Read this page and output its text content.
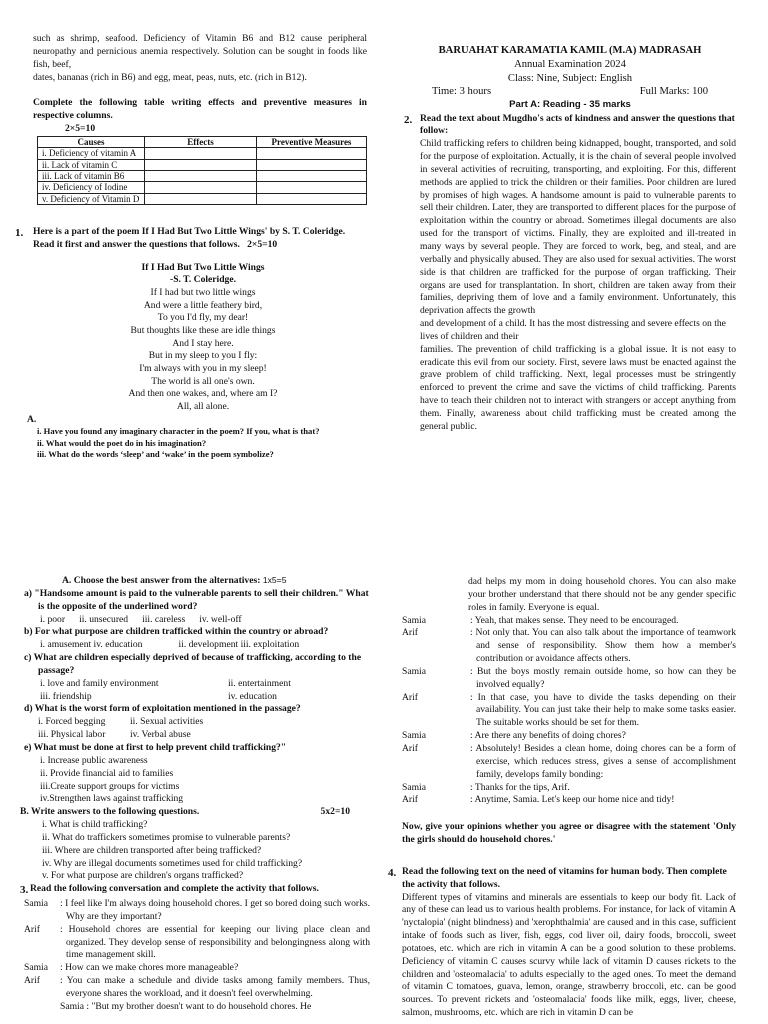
such as shrimp, seafood. Deficiency of Vitamin B6 and B12 cause peripheral neuropathy and pernicious anemia respectively. Solution can be sought in foods like fish, beef,

dates, bananas (rich in B6) and egg, meat, peas, nuts, etc. (rich in B12).

Complete the following table writing effects and preventive measures in respective columns.

2×5=10

Causes	Effects	Preventive Measures
i. Deficiency of vitamin A		
ii. Lack of vitamin C		
iii. Lack of vitamin B6		
iv. Deficiency of Iodine		
v. Deficiency of Vitamin D		
1.	Here is a part of the poem If I Had But Two Little Wings' by S. T. Coleridge. Read it first and answer the questions that follows. 2×5=10

If I Had But Two Little Wings

-S. T. Coleridge.

If I had but two little wings

And were a little feathery bird,

To you I'd fly, my dear!

But thoughts like these are idle things

And I stay here.

But in my sleep to you I fly:

I'm always with you in my sleep!

The world is all one's own.

And then one wakes, and, where am I?

All, all alone.

A.

i. Have you found any imaginary character in the poem? If you, what is that?

ii. What would the poet do in his imagination?

iii. What do the words ‘sleep’ and ‘wake’ in the poem symbolize?

BARUAHAT KARAMATIA KAMIL (M.A) MADRASAH

Annual Examination 2024

Class: Nine, Subject: English

Time: 3 hours	Full Marks: 100

Part A: Reading - 35 marks

2. Read the text about Mugdho's acts of kindness and answer the questions that follow:

Child trafficking refers to children being kidnapped, bought, transported, and sold for the purpose of exploitation. Actually, it is the chain of several people involved in several activities of recruiting, transporting, and exploiting. For this, different methods are applied to trick the children or their families. Poor children are lured by promises of high wages. A handsome amount is paid to vulnerable parents to sell their children. Later, they are transported to different places for the purpose of exploitation within the country or abroad. Sometimes illegal documents are also used for the transport of victims. Finally, they are exploited and ill-treated in many ways by several people. They are forced to work, beg, and steal, and are verbally and physically abused. They are also used for sexual activities. The worst side is that children are trafficked for the purpose of organ trafficking. Their organs are used for transplantation. In short, children are taken away from their families, depriving them of love and a family environment. Unfortunately, this deprivation affects the growth

and development of a child. It has the most distressing and severe effects on the lives of children and their

families. The prevention of child trafficking is a global issue. It is not easy to eradicate this evil from our society. First, severe laws must be enacted against the grave problem of child trafficking. Next, legal processes must be stringently enforced to prevent the crime and save the victims of child trafficking. Parents have to teach their children not to interact with strangers or accept anything from them. Finally, awareness about child trafficking must be created among the general public.

A. Choose the best answer from the alternatives: 1x5=5

a) "Handsome amount is paid to the vulnerable parents to sell their children." What is the opposite of the underlined word?

i. poor ii. unsecured iii. careless iv. well-off

b) For what purpose are children trafficked within the country or abroad?

i. amusement iv. education	ii. development iii. exploitation

c) What are children especially deprived of because of trafficking, according to the passage?

i. love and family environment	ii. entertainment
iii. friendship	iv. education

d) What is the worst form of exploitation mentioned in the passage?

i. Forced begging	ii. Sexual activities
iii. Physical labor	iv. Verbal abuse

e) What must be done at first to help prevent child trafficking?"

i. Increase public awareness

ii. Provide financial aid to families

iii.Create support groups for victims

iv.Strengthen laws against trafficking

B. Write answers to the following questions.	5x2=10

i. What is child trafficking?

ii. What do traffickers sometimes promise to vulnerable parents?

iii. Where are children transported after being trafficked?

iv. Why are illegal documents sometimes used for child trafficking?

v. For what purpose are children's organs trafficked?

3. Read the following conversation and complete the activity that follows.

Samia	: I feel like I'm always doing household chores. I get so bored doing such works. Why are they important?
Arif	: Household chores are essential for keeping our living place clean and organized. They develop sense of responsibility and belongingness along with time management skill.
Samia	: How can we make chores more manageable?
Arif	: You can make a schedule and divide tasks among family members. Thus, everyone shares the workload, and it doesn't feel overwhelming.
Samia : "But my brother doesn't want to do household chores. He

dad helps my mom in doing household chores. You can also make your brother understand that there should not be any gender specific roles in family. Everyone is equal.

Samia	: Yeah, that makes sense. They need to be encouraged.
Arif	: Not only that. You can also talk about the importance of teamwork and sense of responsibility. Show them how a member's contribution or avoidance affects others.
Samia	: But the boys mostly remain outside home, so how can they be involved equally?
Arif	: In that case, you have to divide the tasks depending on their availability. You can just take their help to make some tasks easier. The suitable works should be set for them.
Samia	: Are there any benefits of doing chores?
Arif	: Absolutely! Besides a clean home, doing chores can be a form of exercise, which reduces stress, gives a sense of accomplishment family, develops family bonding:
Samia	: Thanks for the tips, Arif.
Arif	: Anytime, Samia. Let's keep our home nice and tidy!

Now, give your opinions whether you agree or disagree with the statement 'Only the girls should do household chores.'

4. Read the following text on the need of vitamins for human body. Then complete the activity that follows.

Different types of vitamins and minerals are essentials to keep our body fit. Lack of any of these can lead us to various health problems. For instance, for lack of vitamin A 'nyctalopia' (night blindness) and 'xerophthalmia' are caused and in this case, sufficient intake of foods such as liver, fish, eggs, cod liver oil, dairy foods, broccoli, sweet potatoes, etc. which are rich in vitamin A can be a good solution to these problems. Deficiency of vitamin C causes scurvy while lack of vitamin D causes rickets to the children and 'osteomalacia' to adults especially to the aged ones. To meet the demand of vitamin C tomatoes, guava, lemon, orange, strawberry broccoli, etc. can be good sources. To prevent rickets and 'osteomalacia' foods like milk, eggs, liver, cheese, salmon, mushrooms, etc. which are rich in vitamin D can be
